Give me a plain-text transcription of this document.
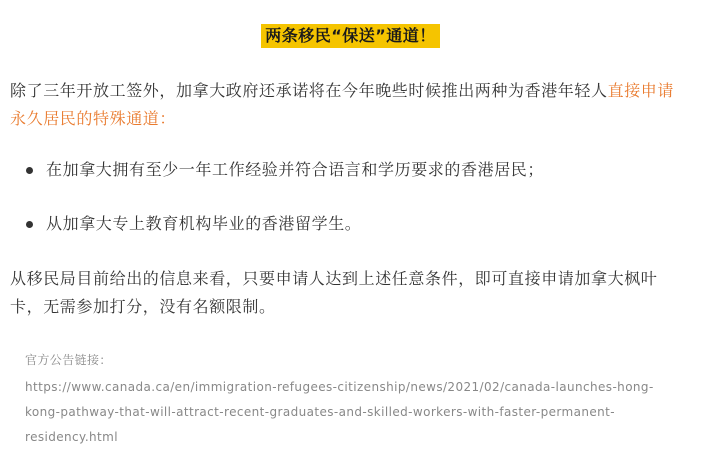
两条移民“保送”通道！

除了三年开放工签外，加拿大政府还承诺将在今年晚些时候推出两种为香港年轻人直接申请永久居民的特殊通道：

在加拿大拥有至少一年工作经验并符合语言和学历要求的香港居民；
从加拿大专上教育机构毕业的香港留学生。

从移民局目前给出的信息来看，只要申请人达到上述任意条件，即可直接申请加拿大枫叶卡，无需参加打分，没有名额限制。

官方公告链接：
https://www.canada.ca/en/immigration-refugees-citizenship/news/2021/02/canada-launches-hong-
kong-pathway-that-will-attract-recent-graduates-and-skilled-workers-with-faster-permanent-
residency.html
